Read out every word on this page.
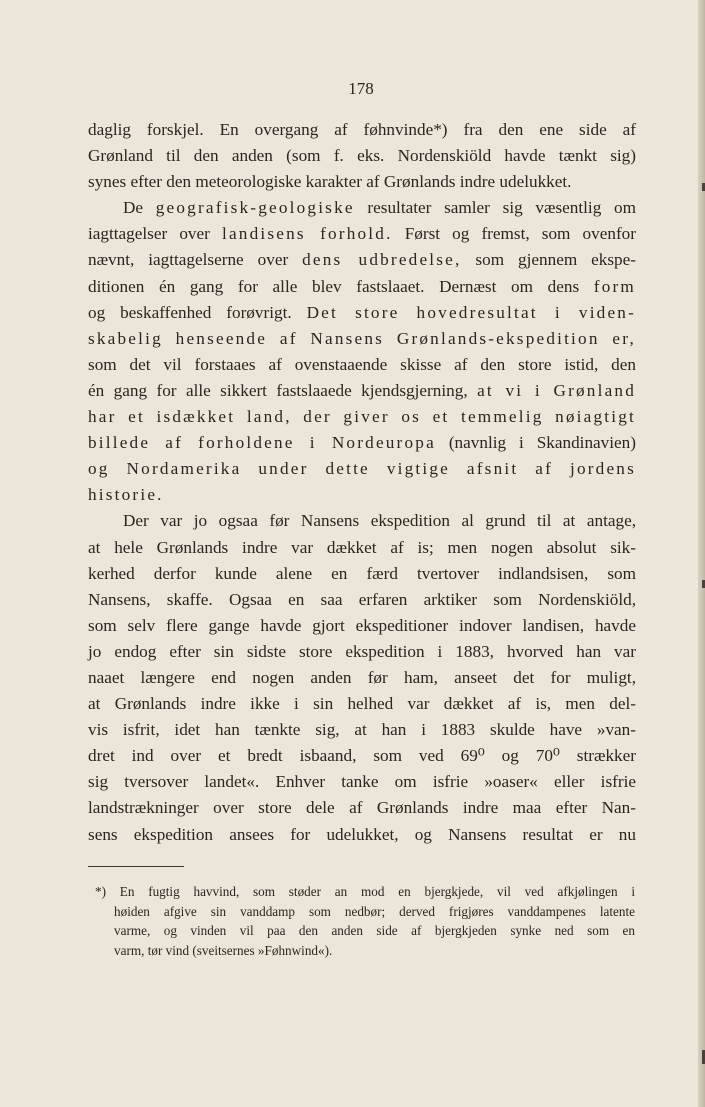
178
daglig forskjel. En overgang af føhnvinde*) fra den ene side af
Grønland til den anden (som f. eks. Nordenskiöld havde tænkt sig)
synes efter den meteorologiske karakter af Grønlands indre udelukket.
De geografisk-geologiske resultater samler sig væsentlig om
iagttagelser over landisens forhold. Først og fremst, som ovenfor
nævnt, iagttagelserne over dens udbredelse, som gjennem ekspe-
ditionen én gang for alle blev fastslaaet. Dernæst om dens form
og beskaffenhed forøvrigt. Det store hovedresultat i viden-
skabelig henseende af Nansens Grønlands-ekspedition er,
som det vil forstaaes af ovenstaaende skisse af den store istid, den
én gang for alle sikkert fastslaaede kjendsgjerning, at vi i Grønland
har et isdækket land, der giver os et temmelig nøiagtigt
billede af forholdene i Nordeuropa (navnlig i Skandinavien)
og Nordamerika under dette vigtige afsnit af jordens
historie.
Der var jo ogsaa før Nansens ekspedition al grund til at antage,
at hele Grønlands indre var dækket af is; men nogen absolut sik-
kerhed derfor kunde alene en færd tvertover indlandsisen, som
Nansens, skaffe. Ogsaa en saa erfaren arktiker som Nordenskiöld,
som selv flere gange havde gjort ekspeditioner indover landisen, havde
jo endog efter sin sidste store ekspedition i 1883, hvorved han var
naaet længere end nogen anden før ham, anseet det for muligt,
at Grønlands indre ikke i sin helhed var dækket af is, men del-
vis isfrit, idet han tænkte sig, at han i 1883 skulde have »van-
dret ind over et bredt isbaand, som ved 69⁰ og 70⁰ strækker
sig tversover landet«. Enhver tanke om isfrie »oaser« eller isfrie
landstrækninger over store dele af Grønlands indre maa efter Nan-
sens ekspedition ansees for udelukket, og Nansens resultat er nu
*) En fugtig havvind, som støder an mod en bjergkjede, vil ved afkjølingen i
høiden afgive sin vanddamp som nedbør; derved frigjøres vanddampenes latente
varme, og vinden vil paa den anden side af bjergkjeden synke ned som en
varm, tør vind (sveitsernes »Føhnwind«).
